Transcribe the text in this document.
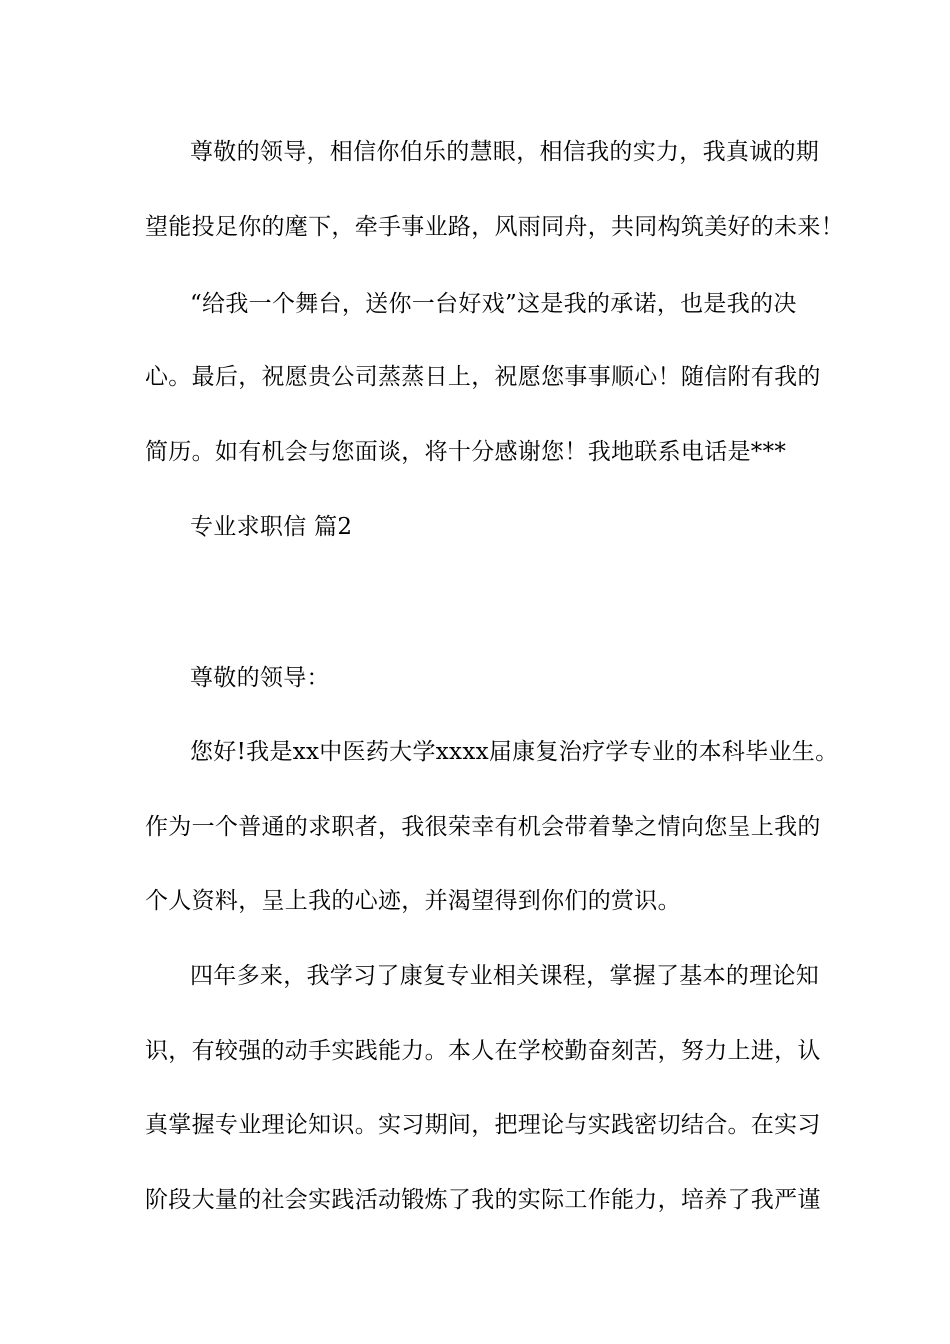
尊敬的领导，相信你伯乐的慧眼，相信我的实力，我真诚的期
望能投足你的麾下，牵手事业路，风雨同舟，共同构筑美好的未来！
“给我一个舞台，送你一台好戏”这是我的承诺，也是我的决
心。最后，祝愿贵公司蒸蒸日上，祝愿您事事顺心！随信附有我的
简历。如有机会与您面谈，将十分感谢您！我地联系电话是***
专业求职信 篇2
尊敬的领导：
您好!我是xx中医药大学xxxx届康复治疗学专业的本科毕业生。
作为一个普通的求职者，我很荣幸有机会带着挚之情向您呈上我的
个人资料，呈上我的心迹，并渴望得到你们的赏识。
四年多来，我学习了康复专业相关课程，掌握了基本的理论知
识，有较强的动手实践能力。本人在学校勤奋刻苦，努力上进，认
真掌握专业理论知识。实习期间，把理论与实践密切结合。在实习
阶段大量的社会实践活动锻炼了我的实际工作能力，培养了我严谨
